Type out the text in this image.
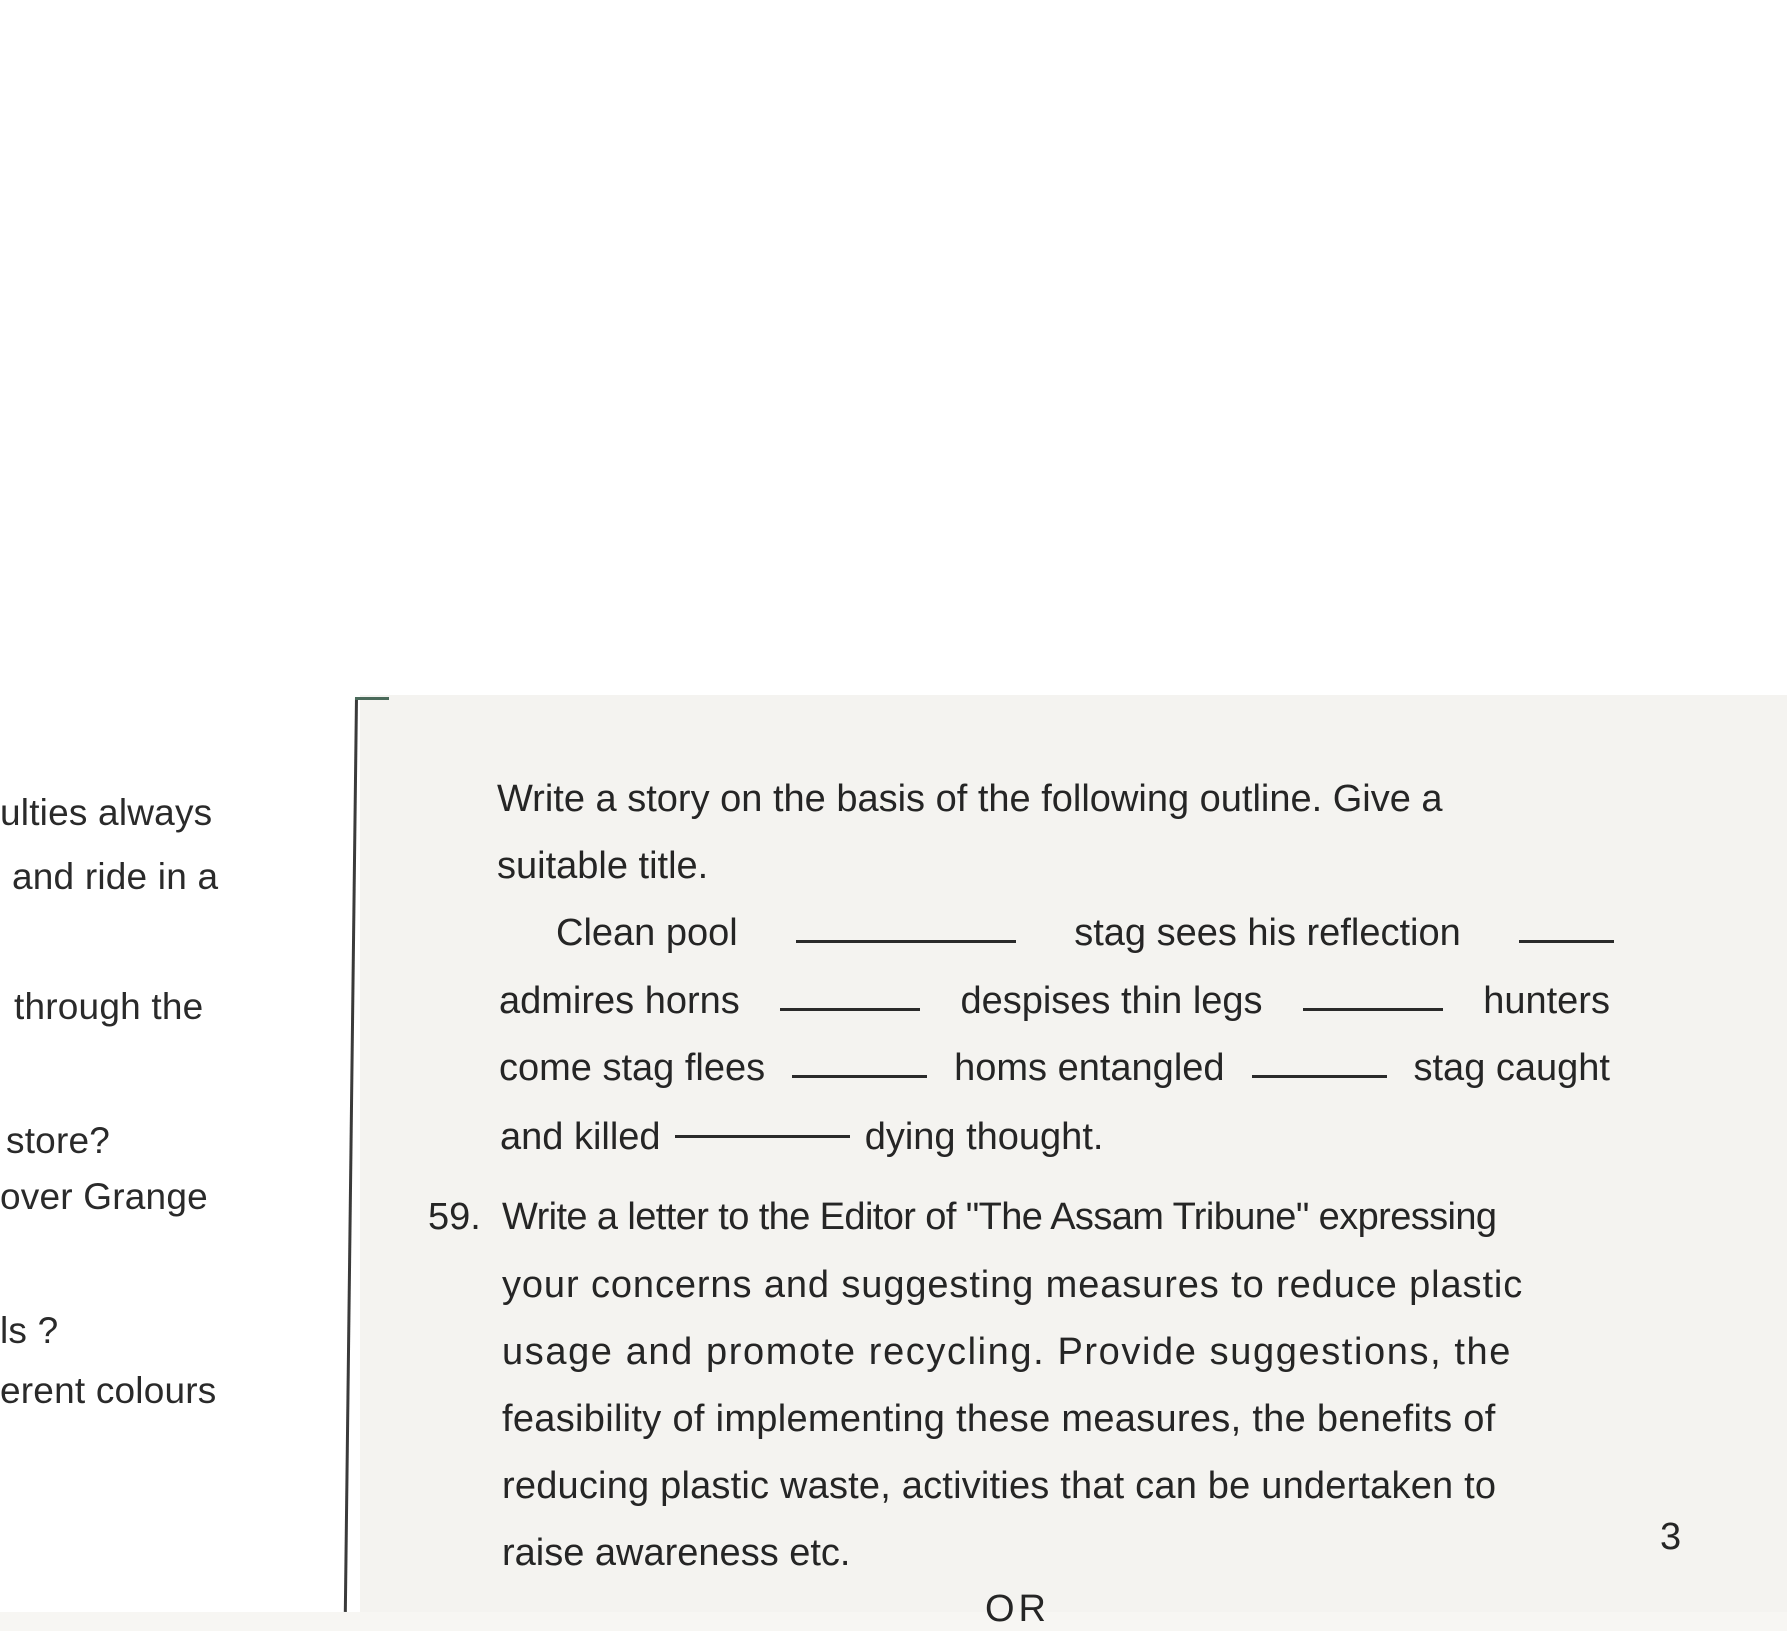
ulties always
and ride in a
through the
store?
over Grange
ls ?
erent colours
Write a story on the basis of the following outline. Give a
suitable title.
Clean pool	stag sees his reflection
admires horns	despises thin legs	hunters
come stag flees	homs entangled	stag caught
and killed	dying thought.
59. Write a letter to the Editor of "The Assam Tribune" expressing
your concerns and suggesting measures to reduce plastic
usage and promote recycling. Provide suggestions, the
feasibility of implementing these measures, the benefits of
reducing plastic waste, activities that can be undertaken to
raise awareness etc.	3
OR
